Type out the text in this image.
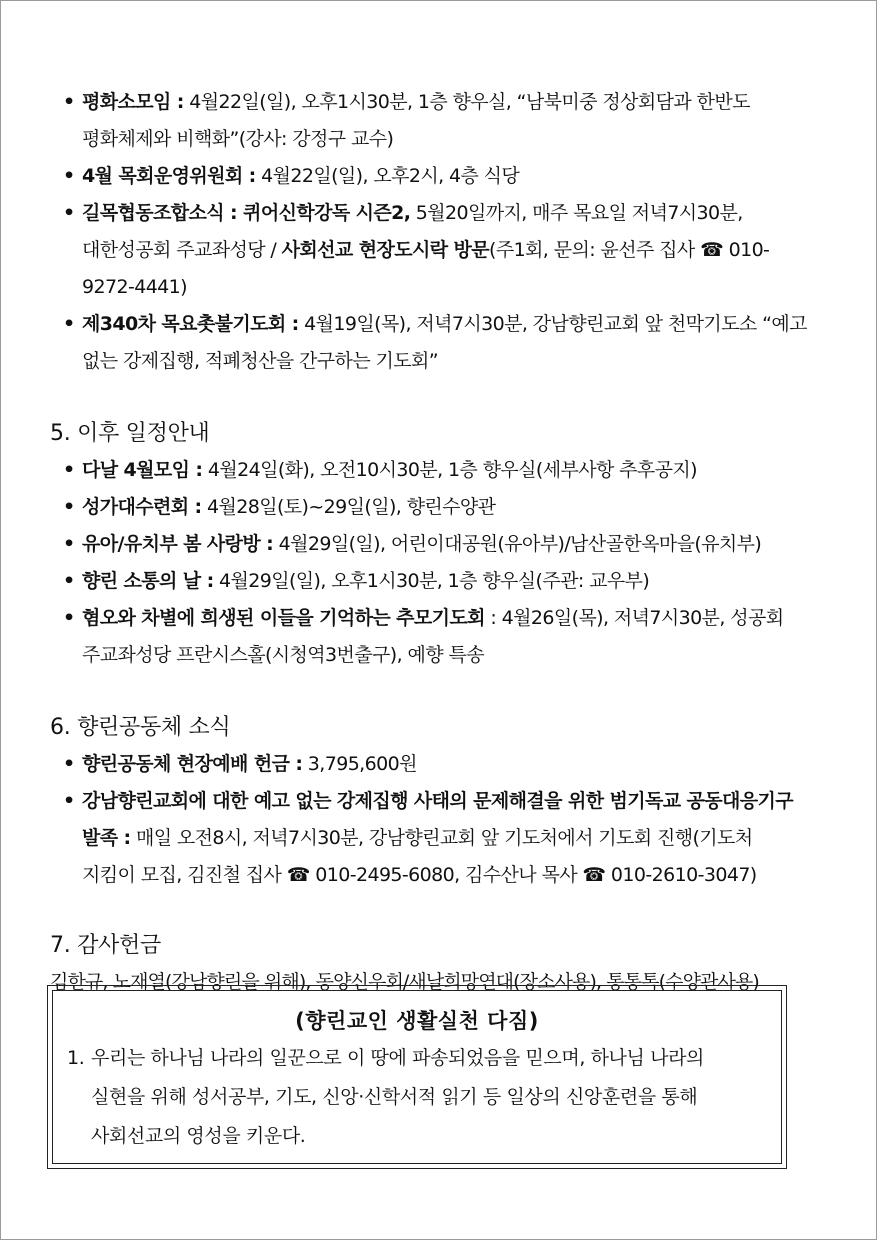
• 평화소모임 : 4월22일(일), 오후1시30분, 1층 향우실, “남북미중 정상회담과 한반도 평화체제와 비핵화”(강사: 강정구 교수)
• 4월 목회운영위원회 : 4월22일(일), 오후2시, 4층 식당
• 길목협동조합소식 : 퀴어신학강독 시즌2, 5월20일까지, 매주 목요일 저녁7시30분, 대한성공회 주교좌성당 / 사회선교 현장도시락 방문(주1회, 문의: 윤선주 집사 ☎ 010-9272-4441)
• 제340차 목요촛불기도회 : 4월19일(목), 저녁7시30분, 강남향린교회 앞 천막기도소 “예고 없는 강제집행, 적폐청산을 간구하는 기도회”
5. 이후 일정안내
• 다날 4월모임 : 4월24일(화), 오전10시30분, 1층 향우실(세부사항 추후공지)
• 성가대수련회 : 4월28일(토)~29일(일), 향린수양관
• 유아/유치부 봄 사랑방 : 4월29일(일), 어린이대공원(유아부)/남산골한옥마을(유치부)
• 향린 소통의 날 : 4월29일(일), 오후1시30분, 1층 향우실(주관: 교우부)
• 혐오와 차별에 희생된 이들을 기억하는 추모기도회 : 4월26일(목), 저녁7시30분, 성공회 주교좌성당 프란시스홀(시청역3번출구), 예향 특송
6. 향린공동체 소식
• 향린공동체 현장예배 헌금 : 3,795,600원
• 강남향린교회에 대한 예고 없는 강제집행 사태의 문제해결을 위한 범기독교 공동대응기구 발족 : 매일 오전8시, 저녁7시30분, 강남향린교회 앞 기도처에서 기도회 진행(기도처 지킴이 모집, 김진철 집사 ☎ 010-2495-6080, 김수산나 목사 ☎ 010-2610-3047)
7. 감사헌금

김한규, 노재열(강남향린을 위해), 동양신우회/새날희망연대(장소사용), 통통톡(수양관사용)

(향린교인 생활실천 다짐)

1. 우리는 하나님 나라의 일꾼으로 이 땅에 파송되었음을 믿으며, 하나님 나라의 실현을 위해 성서공부, 기도, 신앙·신학서적 읽기 등 일상의 신앙훈련을 통해 사회선교의 영성을 키운다.
